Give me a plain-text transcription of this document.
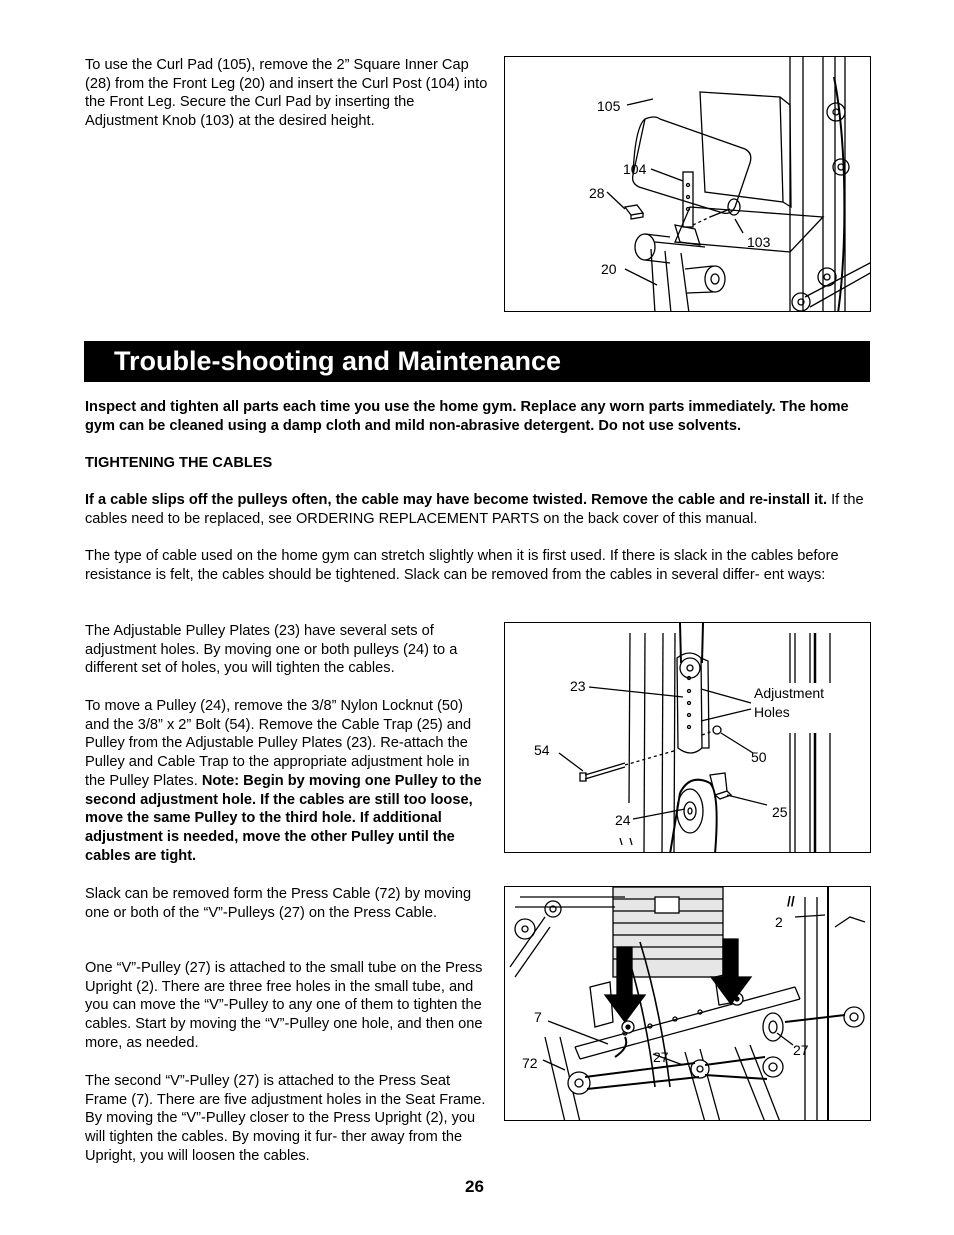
To use the Curl Pad (105), remove the 2” Square Inner Cap (28) from the Front Leg (20) and insert the Curl Post (104) into the Front Leg. Secure the Curl Pad by inserting the Adjustment Knob (103) at the desired height.
105
104
28
103
20
Trouble-shooting and Maintenance
Inspect and tighten all parts each time you use the home gym. Replace any worn parts immediately. The home gym can be cleaned using a damp cloth and mild non-abrasive detergent. Do not use solvents.
TIGHTENING THE CABLES
If a cable slips off the pulleys often, the cable may have become twisted. Remove the cable and re-install it. If the cables need to be replaced, see ORDERING REPLACEMENT PARTS on the back cover of this manual.
The type of cable used on the home gym can stretch slightly when it is first used. If there is slack in the cables before resistance is felt, the cables should be tightened. Slack can be removed from the cables in several differ- ent ways:
The Adjustable Pulley Plates (23) have several sets of adjustment holes. By moving one or both pulleys (24) to a different set of holes, you will tighten the cables.
To move a Pulley (24), remove the 3/8” Nylon Locknut (50) and the 3/8” x 2” Bolt (54). Remove the Cable Trap (25) and Pulley from the Adjustable Pulley Plates (23). Re-attach the Pulley and Cable Trap to the appropriate adjustment hole in the Pulley Plates. Note: Begin by moving one Pulley to the second adjustment hole. If the cables are still too loose, move the same Pulley to the third hole. If additional adjustment is needed, move the other Pulley until the cables are tight.
23	Adjustment
Holes
54	50
25
24
Slack can be removed form the Press Cable (72) by moving one or both of the “V”-Pulleys (27) on the Press Cable.
One “V”-Pulley (27) is attached to the small tube on the Press Upright (2). There are three free holes in the small tube, and you can move the “V”-Pulley to any one of them to tighten the cables. Start by moving the “V”-Pulley one hole, and then one more, as needed.
The second “V”-Pulley (27) is attached to the Press Seat Frame (7). There are five adjustment holes in the Seat Frame. By moving the “V”-Pulley closer to the Press Upright (2), you will tighten the cables. By moving it fur- ther away from the Upright, you will loosen the cables.
//
2
7
72	27	27
26
